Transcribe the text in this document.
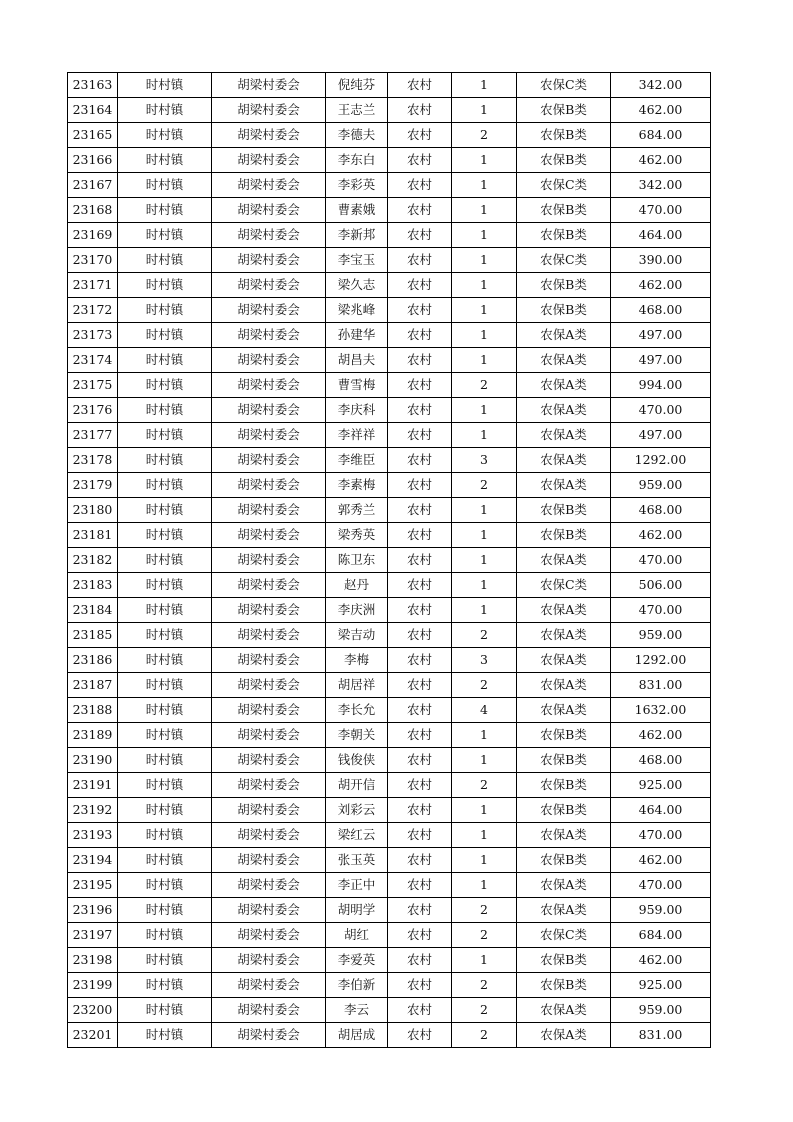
23163	时村镇	胡梁村委会	倪纯芬	农村	1	农保C类	342.00
23164	时村镇	胡梁村委会	王志兰	农村	1	农保B类	462.00
23165	时村镇	胡梁村委会	李德夫	农村	2	农保B类	684.00
23166	时村镇	胡梁村委会	李东白	农村	1	农保B类	462.00
23167	时村镇	胡梁村委会	李彩英	农村	1	农保C类	342.00
23168	时村镇	胡梁村委会	曹素娥	农村	1	农保B类	470.00
23169	时村镇	胡梁村委会	李新邦	农村	1	农保B类	464.00
23170	时村镇	胡梁村委会	李宝玉	农村	1	农保C类	390.00
23171	时村镇	胡梁村委会	梁久志	农村	1	农保B类	462.00
23172	时村镇	胡梁村委会	梁兆峰	农村	1	农保B类	468.00
23173	时村镇	胡梁村委会	孙建华	农村	1	农保A类	497.00
23174	时村镇	胡梁村委会	胡昌夫	农村	1	农保A类	497.00
23175	时村镇	胡梁村委会	曹雪梅	农村	2	农保A类	994.00
23176	时村镇	胡梁村委会	李庆科	农村	1	农保A类	470.00
23177	时村镇	胡梁村委会	李祥祥	农村	1	农保A类	497.00
23178	时村镇	胡梁村委会	李维臣	农村	3	农保A类	1292.00
23179	时村镇	胡梁村委会	李素梅	农村	2	农保A类	959.00
23180	时村镇	胡梁村委会	郭秀兰	农村	1	农保B类	468.00
23181	时村镇	胡梁村委会	梁秀英	农村	1	农保B类	462.00
23182	时村镇	胡梁村委会	陈卫东	农村	1	农保A类	470.00
23183	时村镇	胡梁村委会	赵丹	农村	1	农保C类	506.00
23184	时村镇	胡梁村委会	李庆洲	农村	1	农保A类	470.00
23185	时村镇	胡梁村委会	梁吉动	农村	2	农保A类	959.00
23186	时村镇	胡梁村委会	李梅	农村	3	农保A类	1292.00
23187	时村镇	胡梁村委会	胡居祥	农村	2	农保A类	831.00
23188	时村镇	胡梁村委会	李长允	农村	4	农保A类	1632.00
23189	时村镇	胡梁村委会	李朝关	农村	1	农保B类	462.00
23190	时村镇	胡梁村委会	钱俊侠	农村	1	农保B类	468.00
23191	时村镇	胡梁村委会	胡开信	农村	2	农保B类	925.00
23192	时村镇	胡梁村委会	刘彩云	农村	1	农保B类	464.00
23193	时村镇	胡梁村委会	梁红云	农村	1	农保A类	470.00
23194	时村镇	胡梁村委会	张玉英	农村	1	农保B类	462.00
23195	时村镇	胡梁村委会	李正中	农村	1	农保A类	470.00
23196	时村镇	胡梁村委会	胡明学	农村	2	农保A类	959.00
23197	时村镇	胡梁村委会	胡红	农村	2	农保C类	684.00
23198	时村镇	胡梁村委会	李爱英	农村	1	农保B类	462.00
23199	时村镇	胡梁村委会	李伯新	农村	2	农保B类	925.00
23200	时村镇	胡梁村委会	李云	农村	2	农保A类	959.00
23201	时村镇	胡梁村委会	胡居成	农村	2	农保A类	831.00
